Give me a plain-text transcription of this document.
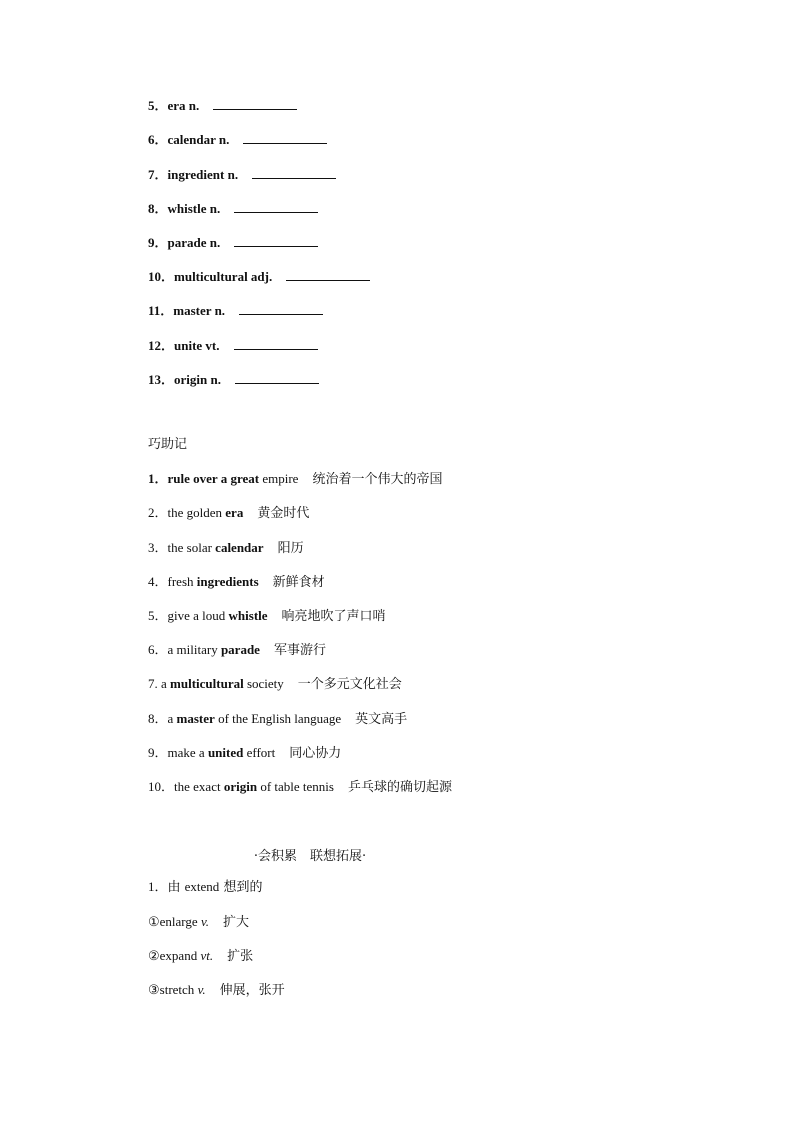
5．era n.
6．calendar n.
7．ingredient n.
8．whistle n.
9．parade n.
10．multicultural adj.
11．master n.
12．unite vt.
13．origin n.
巧助记
1．rule over a great empire 统治着一个伟大的帝国
2．the golden era 黄金时代
3．the solar calendar 阳历
4．fresh ingredients 新鲜食材
5．give a loud whistle 响亮地吹了声口哨
6．a military parade 军事游行
7. a multicultural society 一个多元文化社会
8．a master of the English language 英文高手
9．make a united effort 同心协力
10．the exact origin of table tennis 乒乓球的确切起源
·会积累　联想拓展·
1．由 extend 想到的
①enlarge v. 扩大
②expand vt. 扩张
③stretch v. 伸展，张开
